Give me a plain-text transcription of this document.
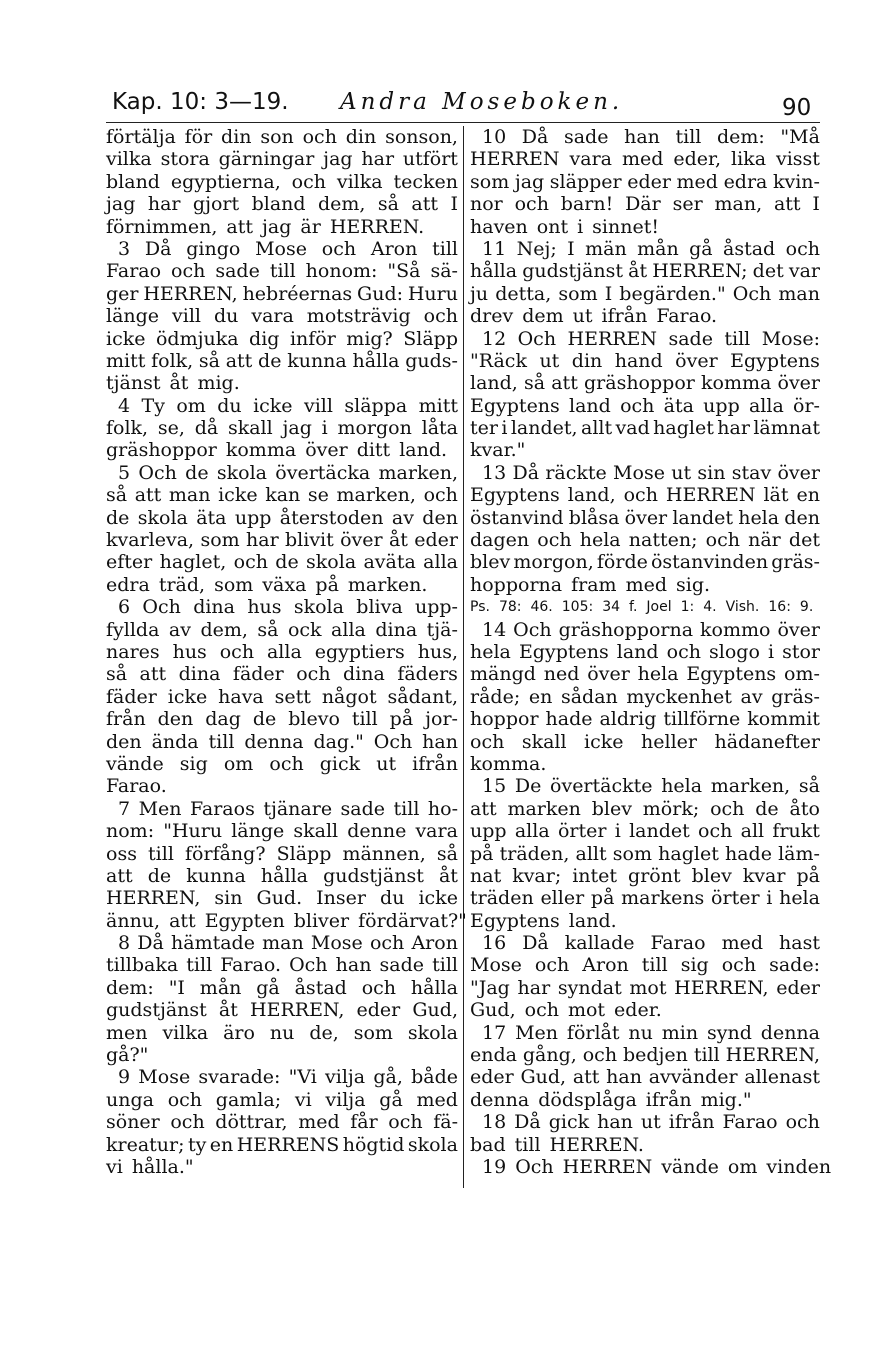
Kap. 10: 3—19. Andra Moseboken.	90
förtälja för din son och din sonson,
vilka stora gärningar jag har utfört
bland egyptierna, och vilka tecken
jag har gjort bland dem, så att I
förnimmen, att jag är HERREN.
3 Då gingo Mose och Aron till
Farao och sade till honom: "Så sä-
ger HERREN, hebréernas Gud: Huru
länge vill du vara motsträvig och
icke ödmjuka dig inför mig? Släpp
mitt folk, så att de kunna hålla guds-
tjänst åt mig.
4 Ty om du icke vill släppa mitt
folk, se, då skall jag i morgon låta
gräshoppor komma över ditt land.
5 Och de skola övertäcka marken,
så att man icke kan se marken, och
de skola äta upp återstoden av den
kvarleva, som har blivit över åt eder
efter haglet, och de skola aväta alla
edra träd, som växa på marken.
6 Och dina hus skola bliva upp-
fyllda av dem, så ock alla dina tjä-
nares hus och alla egyptiers hus,
så att dina fäder och dina fäders
fäder icke hava sett något sådant,
från den dag de blevo till på jor-
den ända till denna dag." Och han
vände sig om och gick ut ifrån
Farao.
7 Men Faraos tjänare sade till ho-
nom: "Huru länge skall denne vara
oss till förfång? Släpp männen, så
att de kunna hålla gudstjänst åt
HERREN, sin Gud. Inser du icke
ännu, att Egypten bliver fördärvat?"
8 Då hämtade man Mose och Aron
tillbaka till Farao. Och han sade till
dem: "I mån gå åstad och hålla
gudstjänst åt HERREN, eder Gud,
men vilka äro nu de, som skola
gå?"
9 Mose svarade: "Vi vilja gå, både
unga och gamla; vi vilja gå med
söner och döttrar, med får och fä-
kreatur; ty en HERRENS högtid skola
vi hålla."
10 Då sade han till dem: "Må
HERREN vara med eder, lika visst
som jag släpper eder med edra kvin-
nor och barn! Där ser man, att I
haven ont i sinnet!
11 Nej; I män mån gå åstad och
hålla gudstjänst åt HERREN; det var
ju detta, som I begärden." Och man
drev dem ut ifrån Farao.
12 Och HERREN sade till Mose:
"Räck ut din hand över Egyptens
land, så att gräshoppor komma över
Egyptens land och äta upp alla ör-
ter i landet, allt vad haglet har lämnat
kvar."
13 Då räckte Mose ut sin stav över
Egyptens land, och HERREN lät en
östanvind blåsa över landet hela den
dagen och hela natten; och när det
blev morgon, förde östanvinden gräs-
hopporna fram med sig.
Ps. 78: 46. 105: 34 f. Joel 1: 4. Vish. 16: 9.
14 Och gräshopporna kommo över
hela Egyptens land och slogo i stor
mängd ned över hela Egyptens om-
råde; en sådan myckenhet av gräs-
hoppor hade aldrig tillförne kommit
och skall icke heller hädanefter
komma.
15 De övertäckte hela marken, så
att marken blev mörk; och de åto
upp alla örter i landet och all frukt
på träden, allt som haglet hade läm-
nat kvar; intet grönt blev kvar på
träden eller på markens örter i hela
Egyptens land.
16 Då kallade Farao med hast
Mose och Aron till sig och sade:
"Jag har syndat mot HERREN, eder
Gud, och mot eder.
17 Men förlåt nu min synd denna
enda gång, och bedjen till HERREN,
eder Gud, att han avvänder allenast
denna dödsplåga ifrån mig."
18 Då gick han ut ifrån Farao och
bad till HERREN.
19 Och HERREN vände om vinden
